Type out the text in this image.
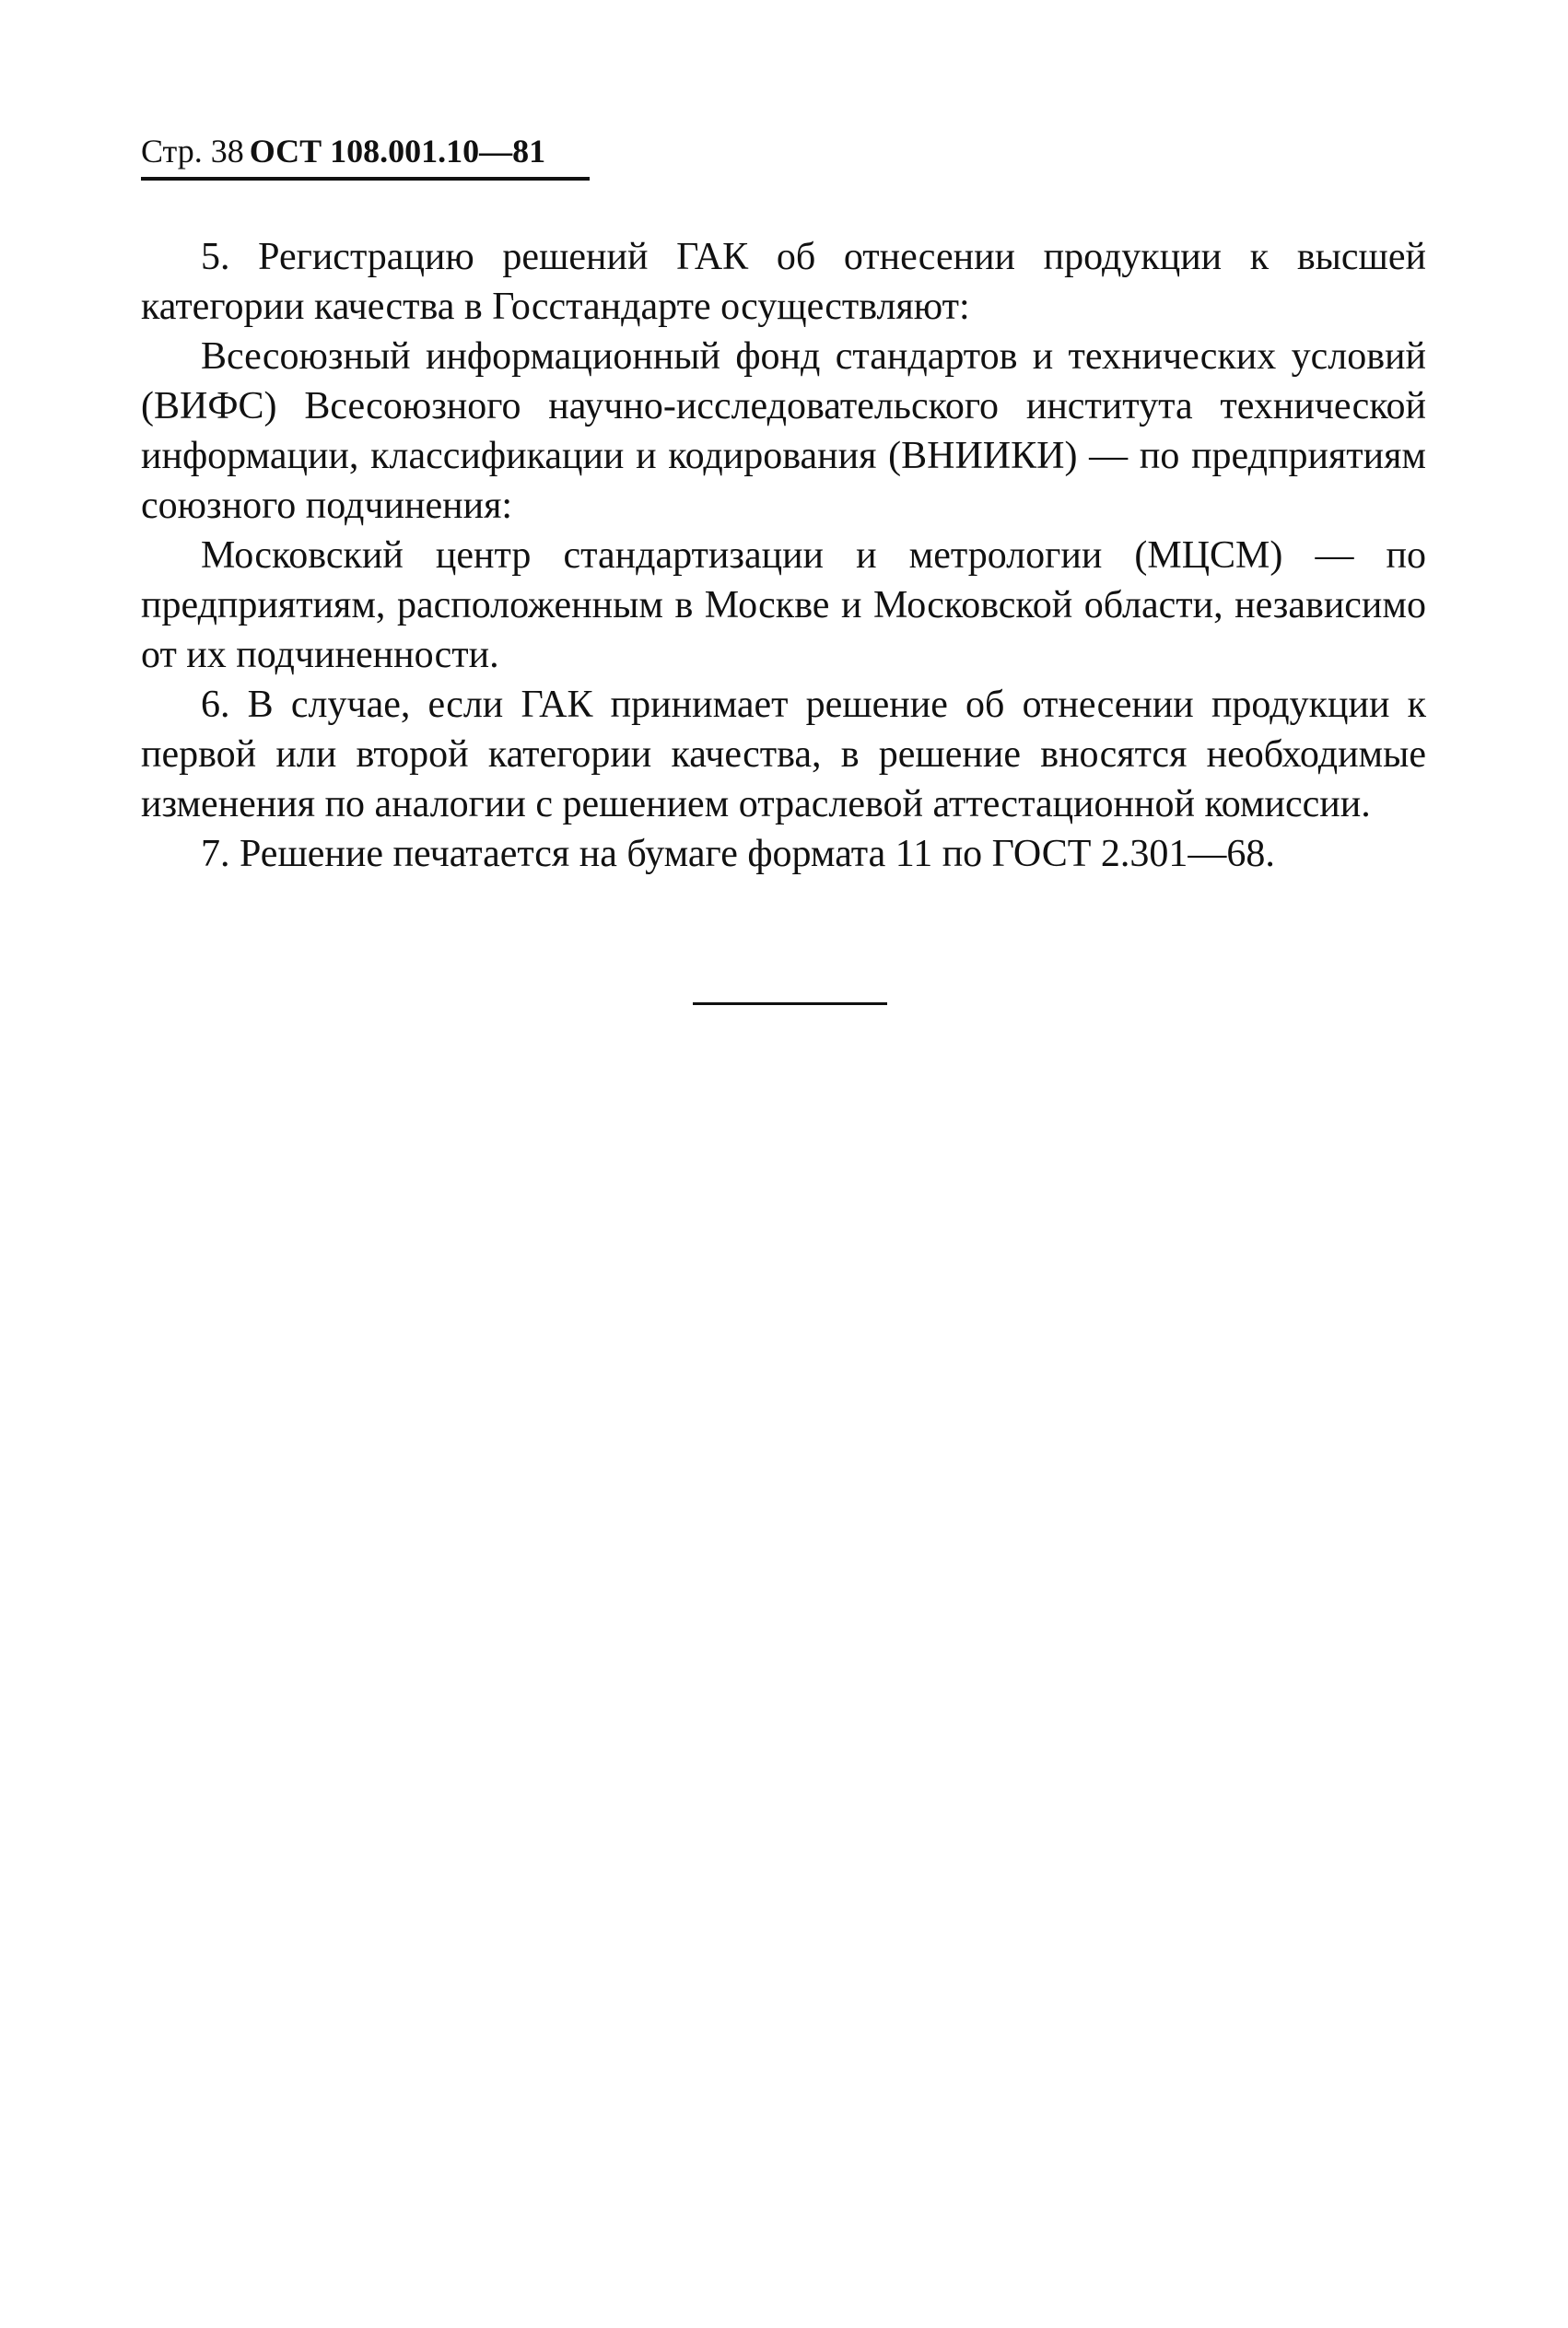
Стр. 38 ОСТ 108.001.10—81

5. Регистрацию решений ГАК об отнесении продукции к высшей категории качества в Госстандарте осуществляют:

Всесоюзный информационный фонд стандартов и технических условий (ВИФС) Всесоюзного научно-исследовательского института технической информации, классификации и кодирования (ВНИИКИ) — по предприятиям союзного подчинения:

Московский центр стандартизации и метрологии (МЦСМ) — по предприятиям, расположенным в Москве и Московской области, независимо от их подчиненности.

6. В случае, если ГАК принимает решение об отнесении продукции к первой или второй категории качества, в решение вносятся необходимые изменения по аналогии с решением отраслевой аттестационной комиссии.

7. Решение печатается на бумаге формата 11 по ГОСТ 2.301—68.
